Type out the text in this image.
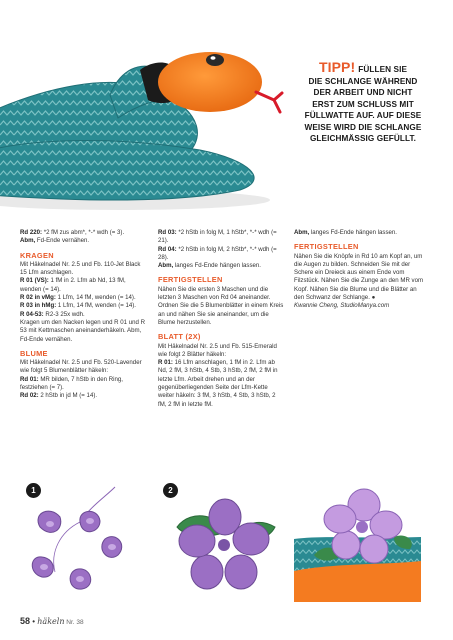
TIPP! FÜLLEN SIE
DIE SCHLANGE WÄHREND
DER ARBEIT UND NICHT
ERST ZUM SCHLUSS MIT
FÜLLWATTE AUF. AUF DIESE
WEISE WIRD DIE SCHLANGE
GLEICHMÄSSIG GEFÜLLT.

Rd 220: *2 fM zus abm*, *-* wdh (= 3).

Abm, Fd-Ende vernähen.

KRAGEN

Mit Häkelnadel Nr. 2.5 und Fb. 110-Jet Black 15 Lfm anschlagen.

R 01 (VS): 1 fM in 2. Lfm ab Nd, 13 fM, wenden (= 14).

R 02 in vMg: 1 Lfm, 14 fM, wenden (= 14).

R 03 in hMg: 1 Lfm, 14 fM, wenden (= 14).

R 04-53: R2-3 25x wdh.

Kragen um den Nacken legen und R 01 und R 53 mit Kettmaschen aneinanderhäkeln. Abm, Fd-Ende vernähen.

BLUME

Mit Häkelnadel Nr. 2.5 und Fb. 520-Lavender wie folgt 5 Blumenblätter häkeln:

Rd 01: MR bilden, 7 hStb in den Ring, festziehen (= 7).

Rd 02: 2 hStb in jd M (= 14).

Rd 03: *2 hStb in folg M, 1 hStb*, *-* wdh (= 21).

Rd 04: *2 hStb in folg M, 2 hStb*, *-* wdh (= 28).

Abm, langes Fd-Ende hängen lassen.

FERTIGSTELLEN

Nähen Sie die ersten 3 Maschen und die letzten 3 Maschen von Rd 04 aneinander. Ordnen Sie die 5 Blumenblätter in einem Kreis an und nähen Sie sie aneinander, um die Blume herzustellen.

BLATT (2X)

Mit Häkelnadel Nr. 2.5 und Fb. 515-Emerald wie folgt 2 Blätter häkeln:

R 01: 16 Lfm anschlagen, 1 fM in 2. Lfm ab Nd, 2 fM, 3 hStb, 4 Stb, 3 hStb, 2 fM, 2 fM in letzte Lfm. Arbeit drehen und an der gegenüberliegenden Seite der Lfm-Kette weiter häkeln: 3 fM, 3 hStb, 4 Stb, 3 hStb, 2 fM, 2 fM in letzte fM.

Abm, langes Fd-Ende hängen lassen.

FERTIGSTELLEN

Nähen Sie die Knöpfe in Rd 10 am Kopf an, um die Augen zu bilden. Schneiden Sie mit der Schere ein Dreieck aus einem Ende vom Filzstück. Nähen Sie die Zunge an den MR vom Kopf. Nähen Sie die Blume und die Blätter an den Schwanz der Schlange. ●

Kwannie Cheng, StudioManya.com

1	2
58 • häkeln Nr. 38
